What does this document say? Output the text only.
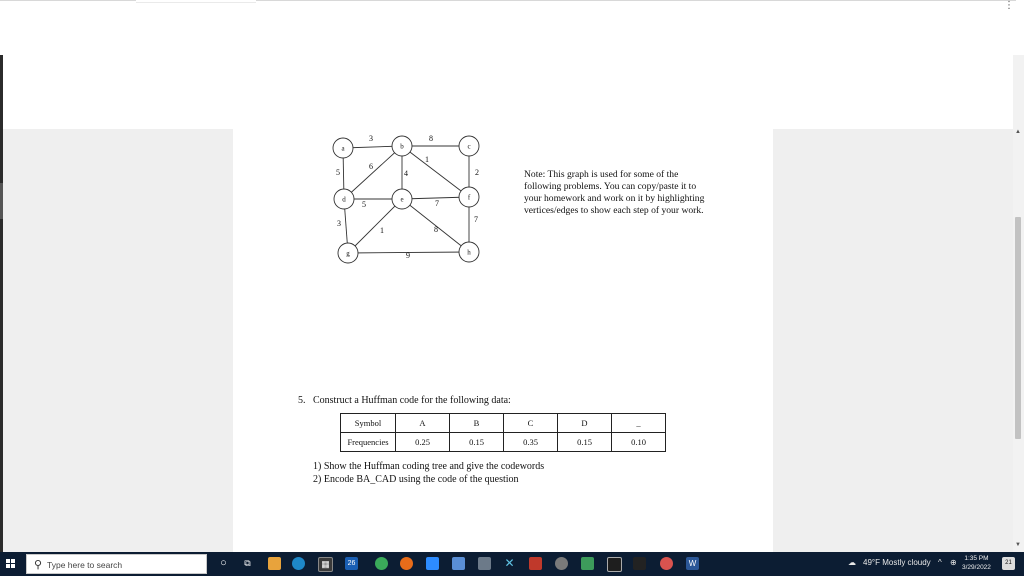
⋮
3	8
5
6
4
1
2
5	7
3
1	8
7
9
a	b	c
d	e	f
g	h
Note: This graph is used for some of the following problems. You can copy/paste it to your homework and work on it by highlighting vertices/edges to show each step of your work.
5. Construct a Huffman code for the following data:
Symbol	A	B	C	D	_
Frequencies	0.25	0.15	0.35	0.15	0.10
1) Show the Huffman coding tree and give the codewords
2) Encode BA_CAD using the code of the question
▲
▼
⚲ Type here to search	○	⧉	▦	26	✕	W	☁ 49°F Mostly cloudy ^ ⊕	1:35 PM
3/29/2022
21
